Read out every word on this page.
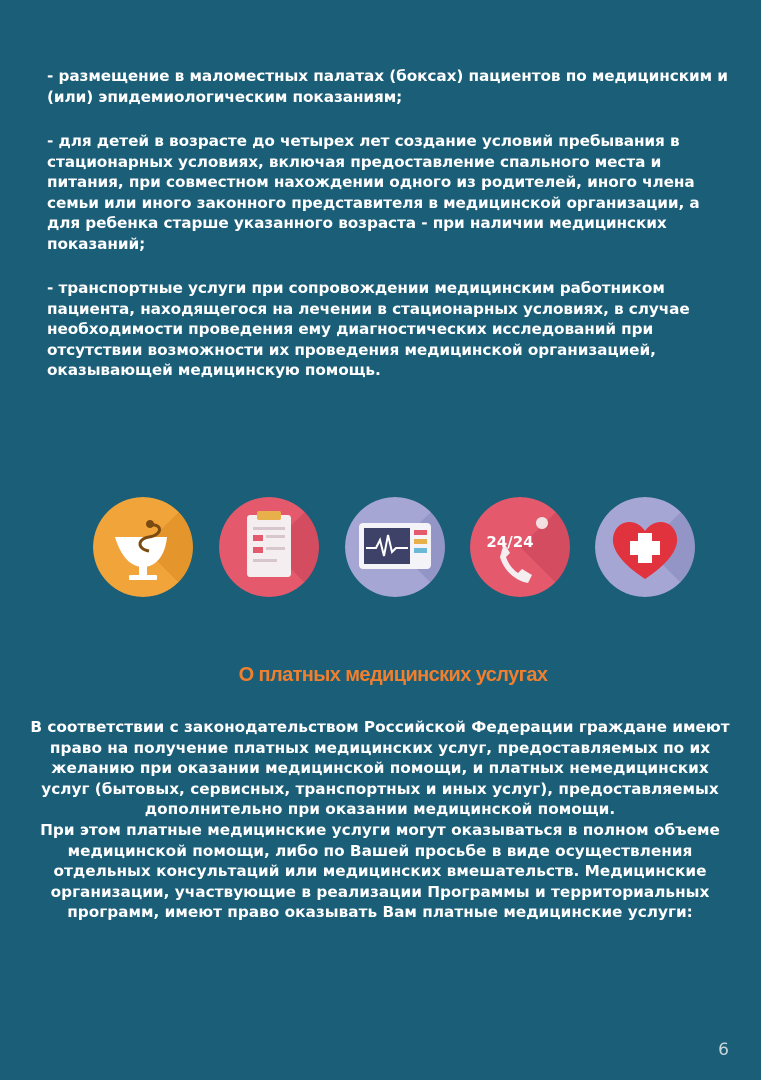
- размещение в маломестных палатах (боксах) пациентов по медицинским и (или) эпидемиологическим показаниям;

- для детей в возрасте до четырех лет создание условий пребывания в стационарных условиях, включая предоставление спального места и питания, при совместном нахождении одного из родителей, иного члена семьи или иного законного представителя в медицинской организации, а для ребенка старше указанного возраста - при наличии медицинских показаний;

- транспортные услуги при сопровождении медицинским работником пациента, находящегося на лечении в стационарных условиях, в случае необходимости проведения ему диагностических исследований при отсутствии возможности их проведения медицинской организацией, оказывающей медицинскую помощь.

24/24
О платных медицинских услугах

В соответствии с законодательством Российской Федерации граждане имеют право на получение платных медицинских услуг, предоставляемых по их желанию при оказании медицинской помощи, и платных немедицинских услуг (бытовых, сервисных, транспортных и иных услуг), предоставляемых дополнительно при оказании медицинской помощи.

При этом платные медицинские услуги могут оказываться в полном объеме медицинской помощи, либо по Вашей просьбе в виде осуществления отдельных консультаций или медицинских вмешательств. Медицинские организации, участвующие в реализации Программы и территориальных программ, имеют право оказывать Вам платные медицинские услуги:

6
